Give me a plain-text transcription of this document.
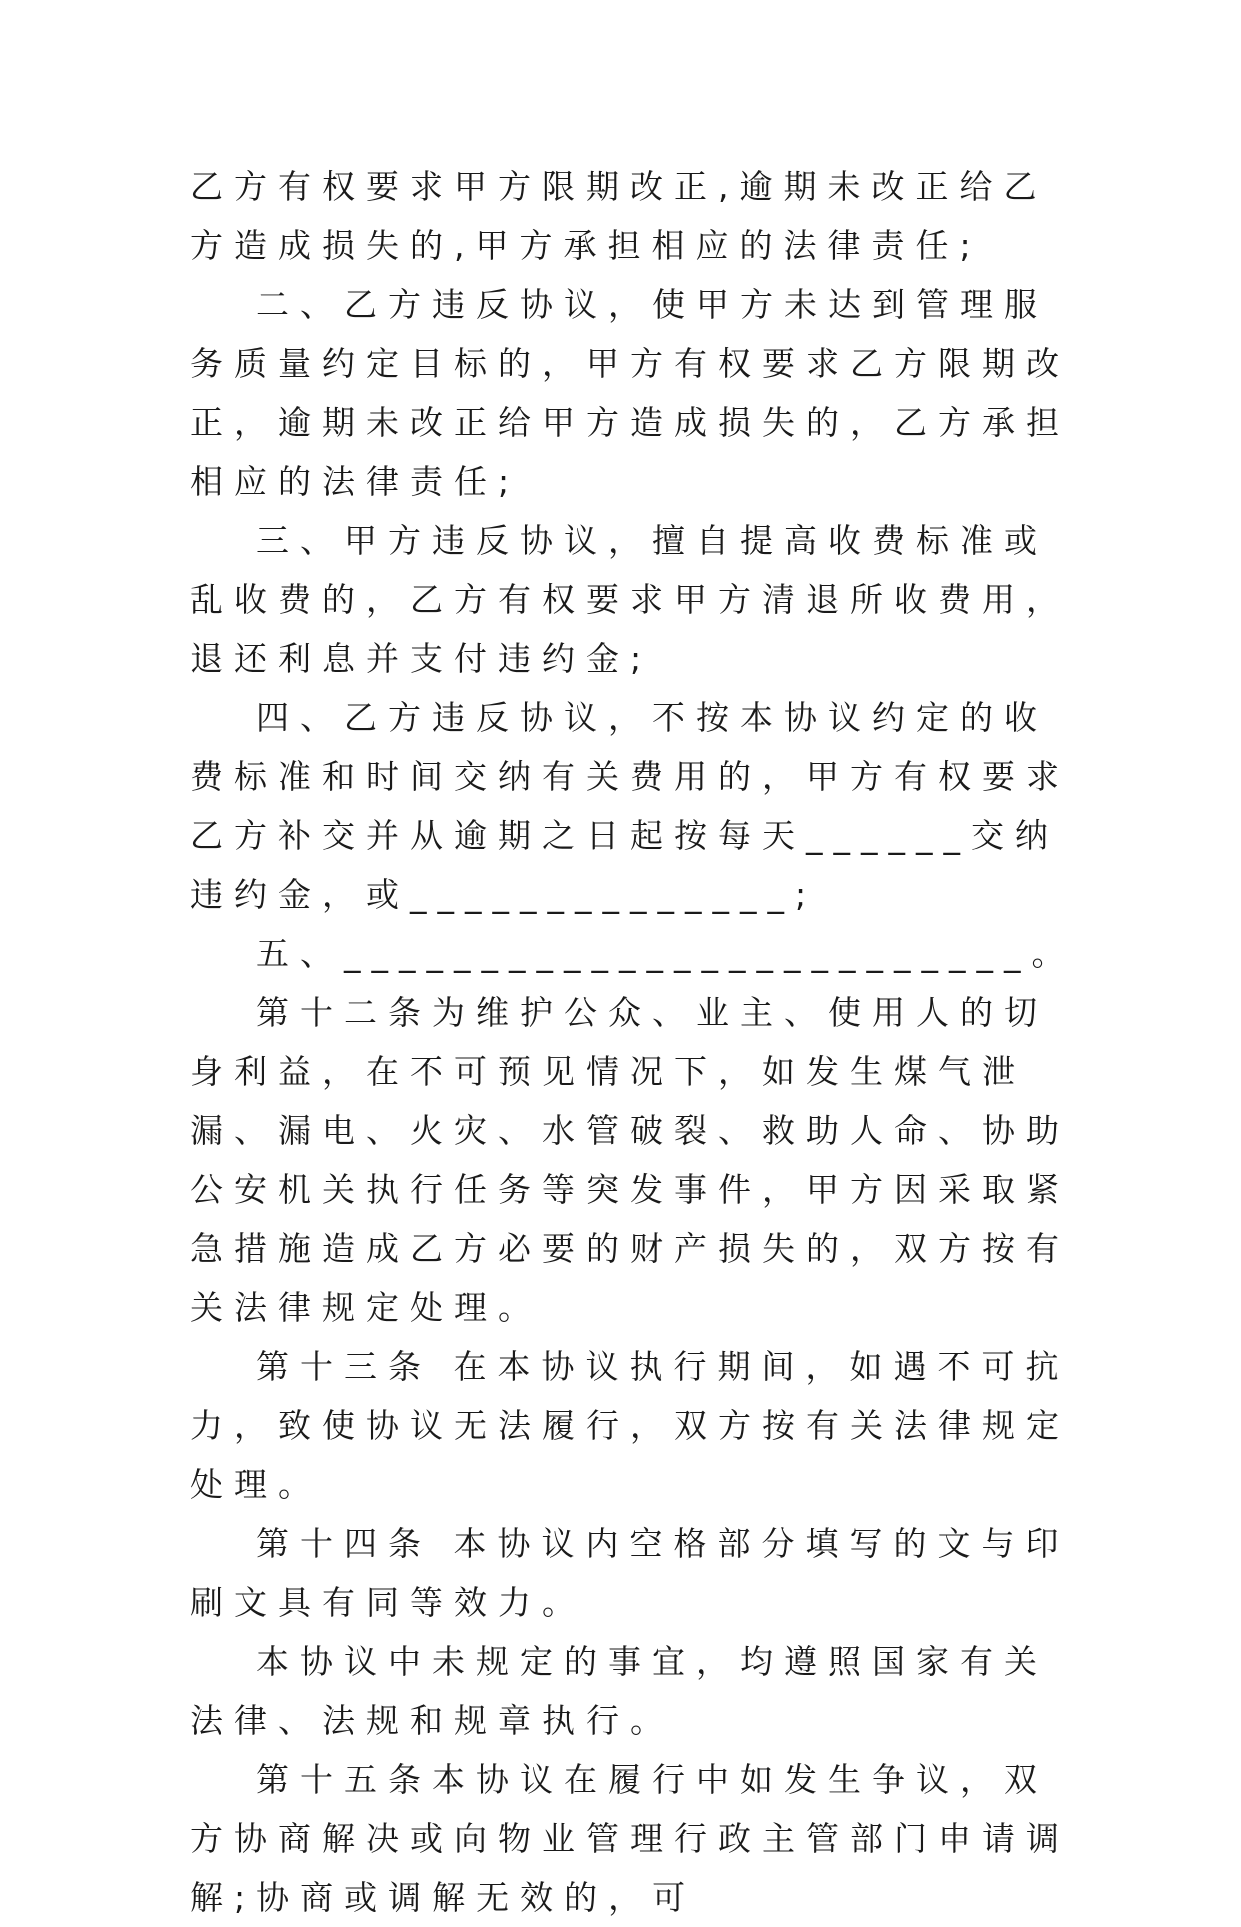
乙方有权要求甲方限期改正,逾期未改正给乙方造成损失的,甲方承担相应的法律责任;

二、乙方违反协议，使甲方未达到管理服务质量约定目标的，甲方有权要求乙方限期改正，逾期未改正给甲方造成损失的，乙方承担相应的法律责任;

三、甲方违反协议，擅自提高收费标准或乱收费的，乙方有权要求甲方清退所收费用，退还利息并支付违约金;

四、乙方违反协议，不按本协议约定的收费标准和时间交纳有关费用的，甲方有权要求乙方补交并从逾期之日起按每天______交纳违约金，或______________;

五、_________________________。

第十二条为维护公众、业主、使用人的切身利益，在不可预见情况下，如发生煤气泄漏、漏电、火灾、水管破裂、救助人命、协助公安机关执行任务等突发事件，甲方因采取紧急措施造成乙方必要的财产损失的，双方按有关法律规定处理。

第十三条 在本协议执行期间，如遇不可抗力，致使协议无法履行，双方按有关法律规定处理。

第十四条 本协议内空格部分填写的文与印刷文具有同等效力。

本协议中未规定的事宜，均遵照国家有关法律、法规和规章执行。

第十五条本协议在履行中如发生争议，双方协商解决或向物业管理行政主管部门申请调解;协商或调解无效的，可
